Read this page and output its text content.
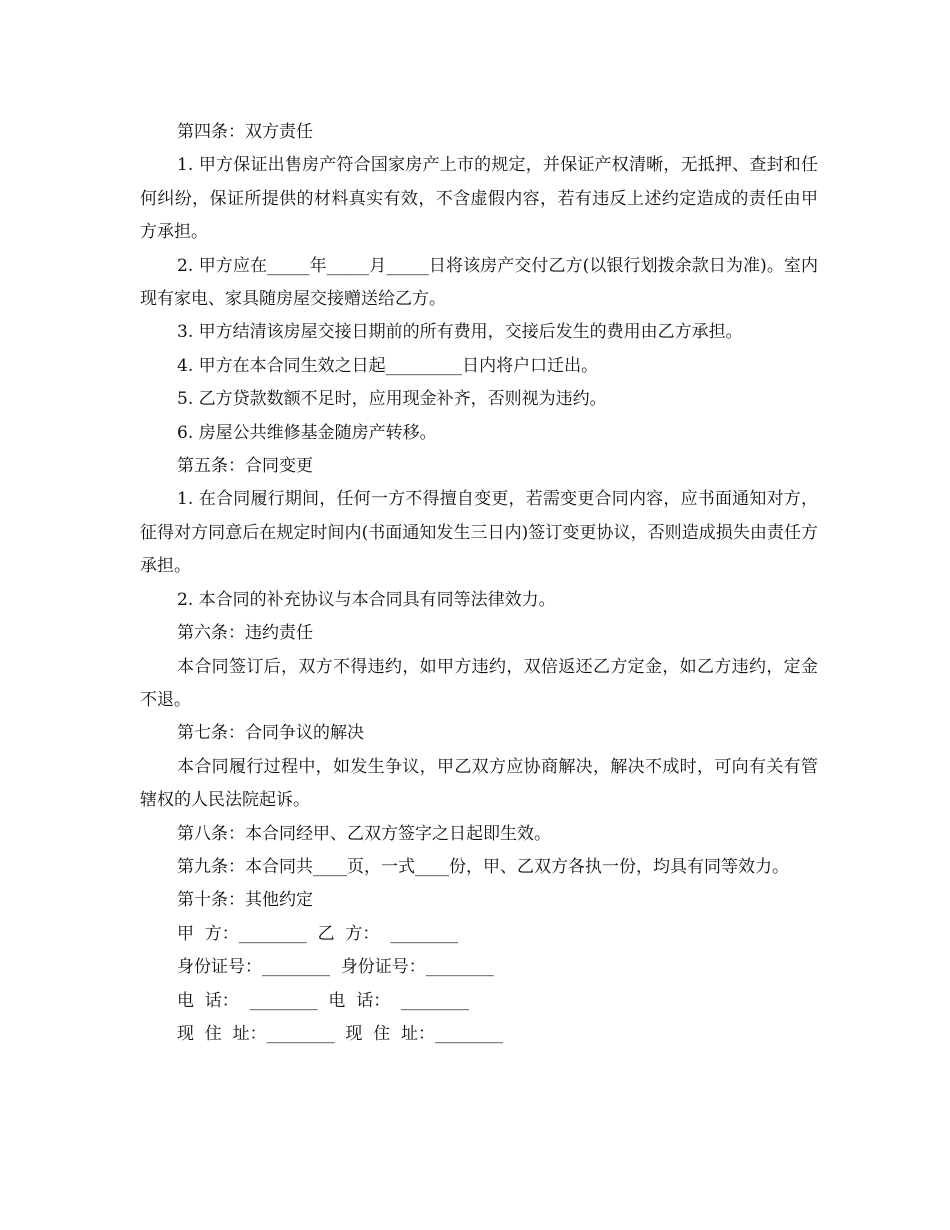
第四条：双方责任

1. 甲方保证出售房产符合国家房产上市的规定，并保证产权清晰，无抵押、查封和任何纠纷，保证所提供的材料真实有效，不含虚假内容，若有违反上述约定造成的责任由甲方承担。

2. 甲方应在_____年_____月_____日将该房产交付乙方(以银行划拨余款日为准)。室内现有家电、家具随房屋交接赠送给乙方。

3. 甲方结清该房屋交接日期前的所有费用，交接后发生的费用由乙方承担。

4. 甲方在本合同生效之日起_________日内将户口迁出。

5. 乙方贷款数额不足时，应用现金补齐，否则视为违约。

6. 房屋公共维修基金随房产转移。

第五条：合同变更

1. 在合同履行期间，任何一方不得擅自变更，若需变更合同内容，应书面通知对方，征得对方同意后在规定时间内(书面通知发生三日内)签订变更协议，否则造成损失由责任方承担。

2. 本合同的补充协议与本合同具有同等法律效力。

第六条：违约责任

本合同签订后，双方不得违约，如甲方违约，双倍返还乙方定金，如乙方违约，定金不退。

第七条：合同争议的解决

本合同履行过程中，如发生争议，甲乙双方应协商解决，解决不成时，可向有关有管辖权的人民法院起诉。

第八条：本合同经甲、乙双方签字之日起即生效。

第九条：本合同共____页，一式____份，甲、乙双方各执一份，均具有同等效力。

第十条：其他约定

甲  方：________  乙  方：  ________

身份证号：________  身份证号：________

电  话：  ________  电  话：  ________

现  住  址：________  现  住  址：________
